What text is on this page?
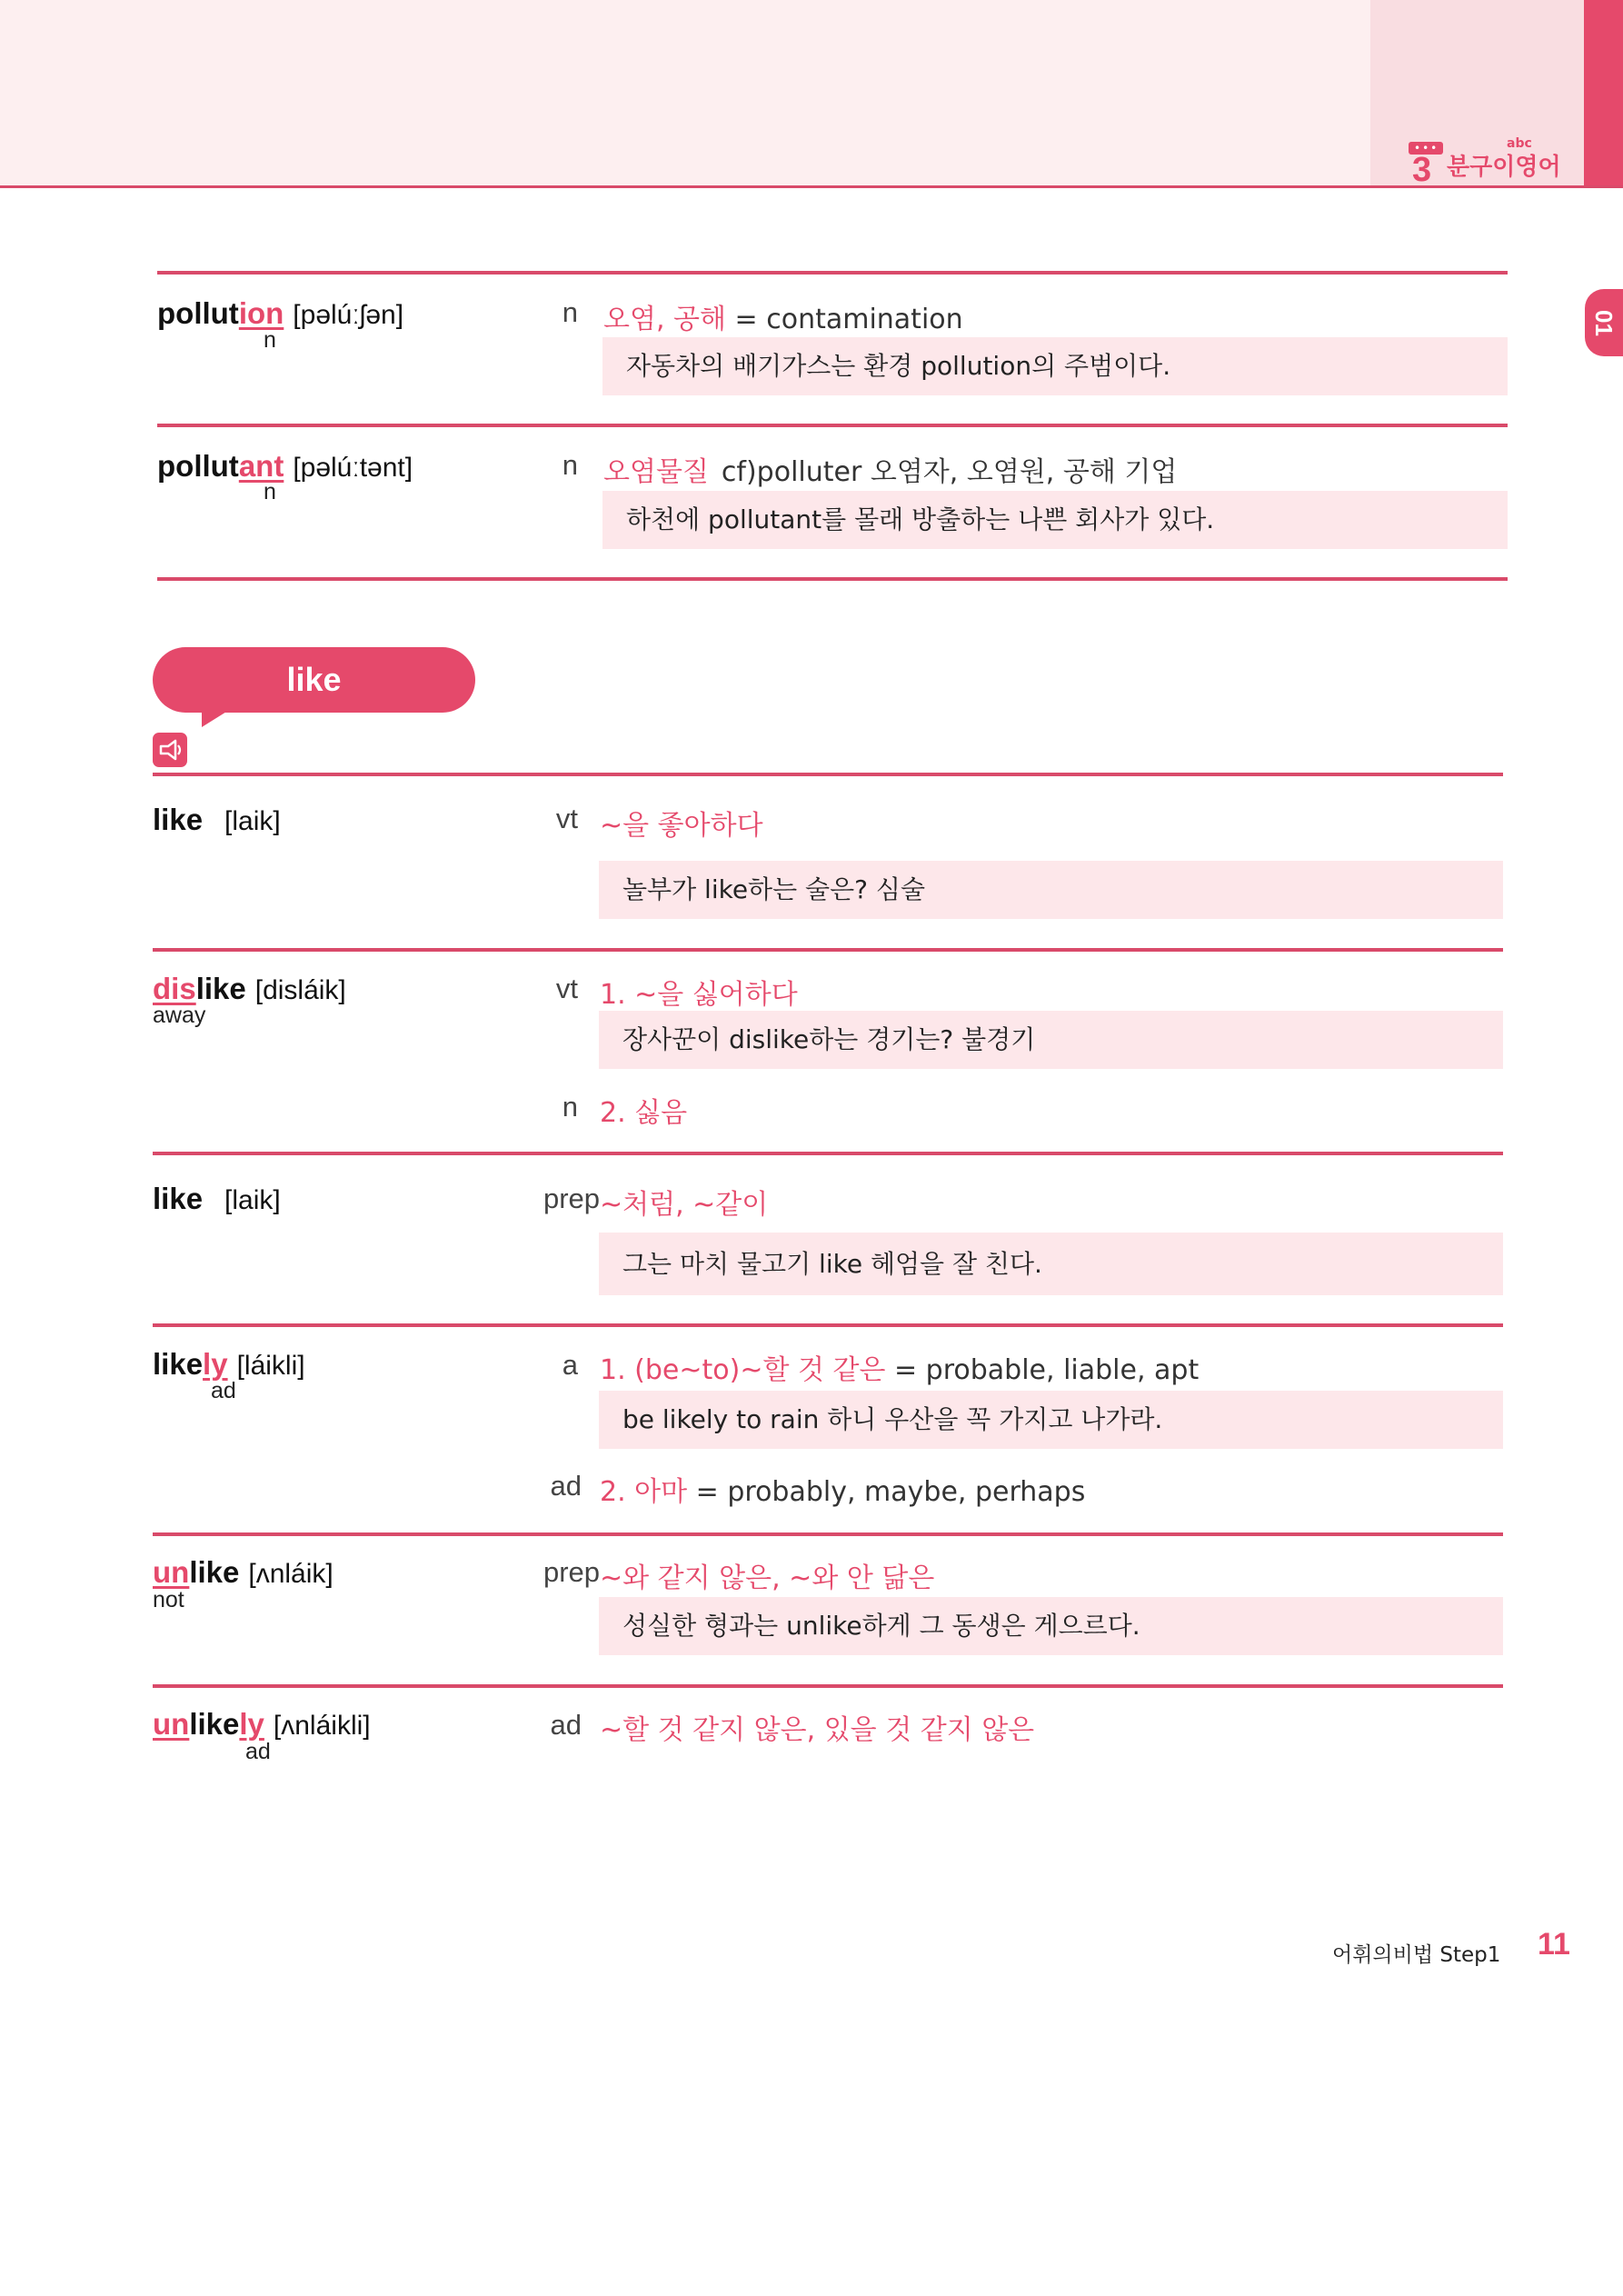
•••
3 분구이영어
abc
01
pollution [pəlúːʃən]
n
n 오염, 공해 = contamination
자동차의 배기가스는 환경 pollution의 주범이다.
pollutant [pəlúːtənt]
n
n 오염물질 cf)polluter 오염자, 오염원, 공해 기업
하천에 pollutant를 몰래 방출하는 나쁜 회사가 있다.
like
like [laik]	vt ~을 좋아하다
놀부가 like하는 술은? 심술
dislike [disláik]
away
vt 1. ~을 싫어하다
장사꾼이 dislike하는 경기는? 불경기
n 2. 싫음
like [laik]	prep ~처럼, ~같이
그는 마치 물고기 like 헤엄을 잘 친다.
likely [láikli]
ad
a 1. (be~to)~할 것 같은 = probable, liable, apt
be likely to rain 하니 우산을 꼭 가지고 나가라.
ad 2. 아마 = probably, maybe, perhaps
unlike [ʌnláik]
not
prep ~와 같지 않은, ~와 안 닮은
성실한 형과는 unlike하게 그 동생은 게으르다.
unlikely [ʌnláikli]
ad
ad ~할 것 같지 않은, 있을 것 같지 않은
어휘의비법 Step1 11
